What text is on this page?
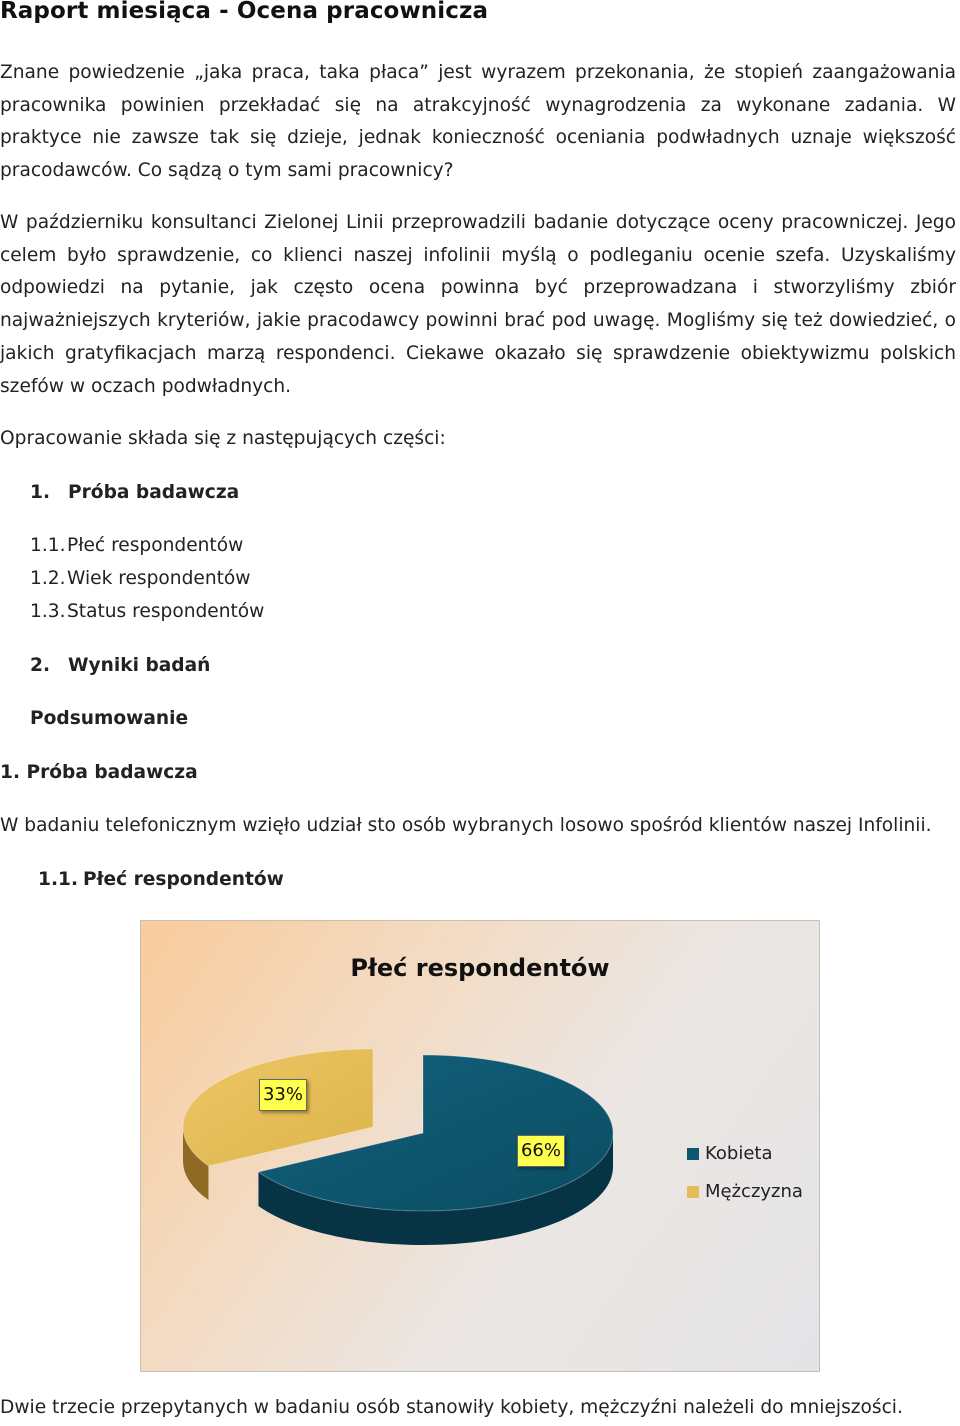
Raport miesiąca - Ocena pracownicza
Znane powiedzenie „jaka praca, taka płaca” jest wyrazem przekonania, że stopień zaangażowania pracownika powinien przekładać się na atrakcyjność wynagrodzenia za wykonane zadania. W praktyce nie zawsze tak się dzieje, jednak konieczność oceniania podwładnych uznaje większość pracodawców. Co sądzą o tym sami pracownicy?
W październiku konsultanci Zielonej Linii przeprowadzili badanie dotyczące oceny pracowniczej. Jego celem było sprawdzenie, co klienci naszej infolinii myślą o podleganiu ocenie szefa. Uzyskaliśmy odpowiedzi na pytanie, jak często ocena powinna być przeprowadzana i stworzyliśmy zbiór najważniejszych kryteriów, jakie pracodawcy powinni brać pod uwagę. Mogliśmy się też dowiedzieć, o jakich gratyfikacjach marzą respondenci. Ciekawe okazało się sprawdzenie obiektywizmu polskich szefów w oczach podwładnych.
Opracowanie składa się z następujących części:
1. Próba badawcza
1.1.Płeć respondentów
1.2.Wiek respondentów
1.3.Status respondentów
2. Wyniki badań
Podsumowanie
1. Próba badawcza
W badaniu telefonicznym wzięło udział sto osób wybranych losowo spośród klientów naszej Infolinii.
1.1. Płeć respondentów
Płeć respondentów
66%
33%
Kobieta
Mężczyzna
Dwie trzecie przepytanych w badaniu osób stanowiły kobiety, mężczyźni należeli do mniejszości.
